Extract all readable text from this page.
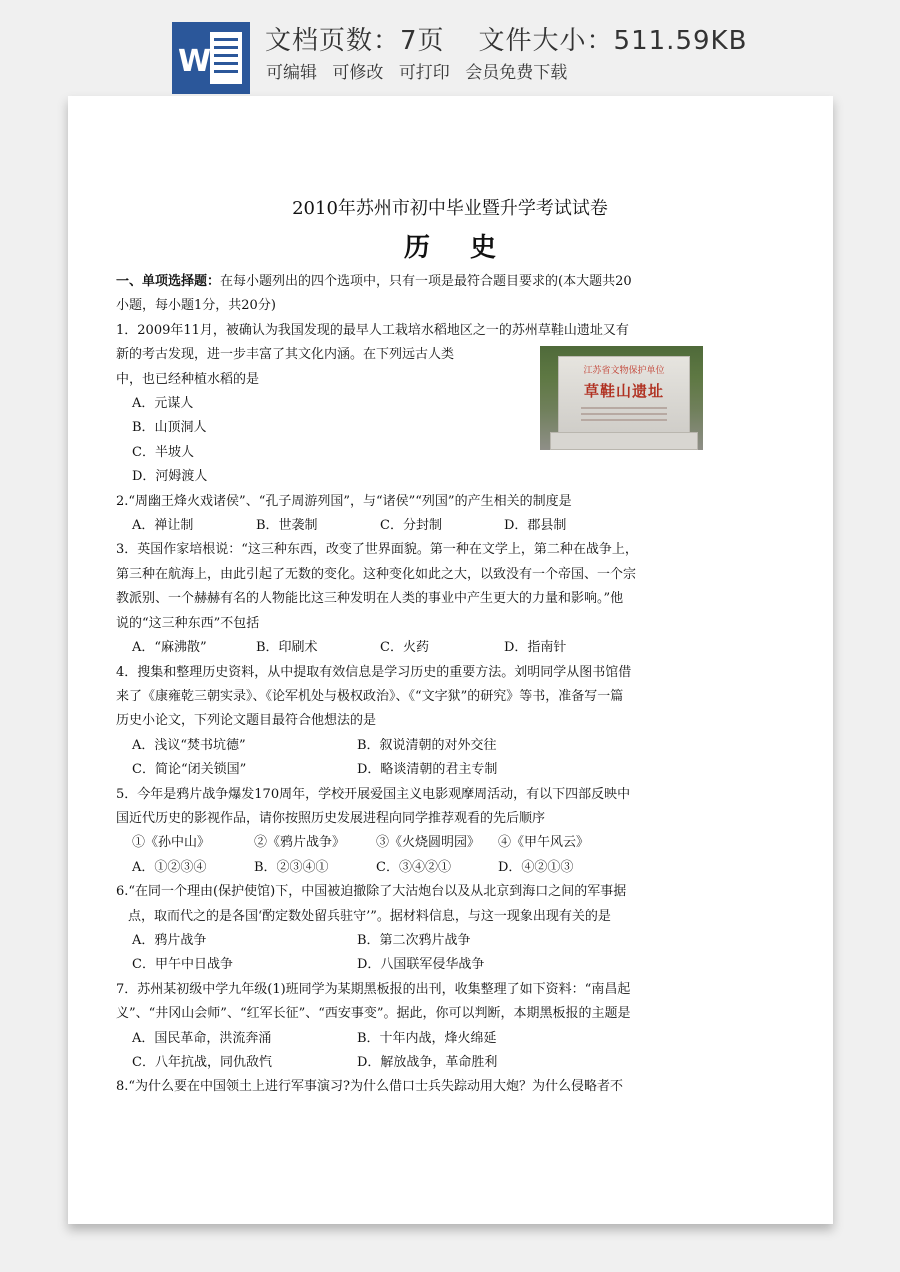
W
文档页数：7页 文件大小：511.59KB
可编辑 可修改 可打印 会员免费下载
2010年苏州市初中毕业暨升学考试试卷
历史
江苏省文物保护单位
草鞋山遗址
一、单项选择题：在每小题列出的四个选项中，只有一项是最符合题目要求的(本大题共20
小题，每小题1分，共20分)
1．2009年11月，被确认为我国发现的最早人工栽培水稻地区之一的苏州草鞋山遗址又有
新的考古发现，进一步丰富了其文化内涵。在下列远古人类
中，也已经种植水稻的是
A．元谋人
B．山顶洞人
C．半坡人
D．河姆渡人
2.“周幽王烽火戏诸侯”、“孔子周游列国”，与“诸侯”“列国”的产生相关的制度是
A．禅让制	B．世袭制	C．分封制	D．郡县制
3．英国作家培根说：“这三种东西，改变了世界面貌。第一种在文学上，第二种在战争上，
第三种在航海上，由此引起了无数的变化。这种变化如此之大，以致没有一个帝国、一个宗
教派别、一个赫赫有名的人物能比这三种发明在人类的事业中产生更大的力量和影响。”他
说的“这三种东西”不包括
A．“麻沸散”	B．印刷术	C．火药	D．指南针
4．搜集和整理历史资料，从中提取有效信息是学习历史的重要方法。刘明同学从图书馆借
来了《康雍乾三朝实录》、《论军机处与极权政治》、《“文字狱”的研究》等书，准备写一篇
历史小论文，下列论文题目最符合他想法的是
A．浅议“焚书坑德”	B．叙说清朝的对外交往
C．简论“闭关锁国”	D．略谈清朝的君主专制
5．今年是鸦片战争爆发170周年，学校开展爱国主义电影观摩周活动，有以下四部反映中
国近代历史的影视作品，请你按照历史发展进程向同学推荐观看的先后顺序
①《孙中山》	②《鸦片战争》	③《火烧圆明园》	④《甲午风云》
A．①②③④	B．②③④①	C．③④②①	D．④②①③
6.“在同一个理由(保护使馆)下，中国被迫撤除了大沽炮台以及从北京到海口之间的军事据
点，取而代之的是各国‘酌定数处留兵驻守’”。据材料信息，与这一现象出现有关的是
A．鸦片战争	B．第二次鸦片战争
C．甲午中日战争	D．八国联军侵华战争
7．苏州某初级中学九年级(1)班同学为某期黑板报的出刊，收集整理了如下资料：“南昌起
义”、“井冈山会师”、“红军长征”、“西安事变”。据此，你可以判断，本期黑板报的主题是
A．国民革命，洪流奔涌	B．十年内战，烽火绵延
C．八年抗战，同仇敌忾	D．解放战争，革命胜利
8.“为什么要在中国领土上进行军事演习?为什么借口士兵失踪动用大炮？为什么侵略者不
